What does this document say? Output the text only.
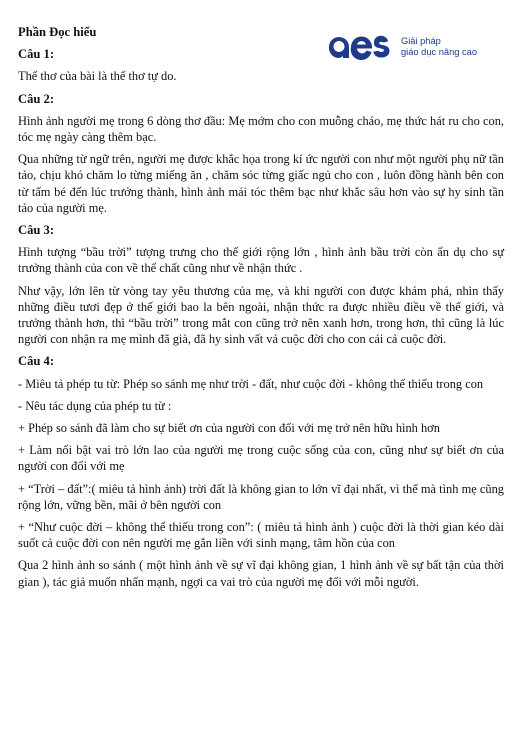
Giải pháp
giáo dục nâng cao
Phần Đọc hiểu
Câu 1:

Thể thơ của bài là thể thơ tự do.

Câu 2:

Hình ảnh người mẹ trong 6 dòng thơ đầu: Mẹ mớm cho con muỗng cháo, mẹ thức hát ru cho con, tóc mẹ ngày càng thêm bạc.

Qua những từ ngữ trên, người mẹ được khắc họa trong kí ức người con như một người phụ nữ tần tảo, chịu khó chăm lo từng miếng ăn , chăm sóc từng giấc ngủ cho con , luôn đồng hành bên con từ tấm bé đến lúc trưởng thành, hình ảnh mái tóc thêm bạc như khắc sâu hơn vào sự hy sinh tần tảo của người mẹ.

Câu 3:

Hình tượng “bầu trời” tượng trưng cho thế giới rộng lớn , hình ảnh bầu trời còn ẩn dụ cho sự trưởng thành của con về thể chất cũng như về nhận thức .

Như vậy, lớn lên từ vòng tay yêu thương của mẹ, và khi người con được khám phá, nhìn thấy những điều tươi đẹp ở thế giới bao la bên ngoài, nhận thức ra được nhiều điều về thế giới, và trưởng thành hơn, thì “bầu trời” trong mắt con cũng trở nên xanh hơn, trong hơn, thì cũng là lúc người con nhận ra mẹ mình đã già, đã hy sinh vất vả cuộc đời cho con cái cả cuộc đời.

Câu 4:

- Miêu tả phép tu từ: Phép so sánh mẹ như trời - đất, như cuộc đời - không thể thiếu trong con

- Nêu tác dụng của phép tu từ :

+ Phép so sánh đã làm cho sự biết ơn của người con đối với mẹ trở nên hữu hình hơn

+ Làm nổi bật vai trò lớn lao của người mẹ trong cuộc sống của con, cũng như sự biết ơn của người con đối với mẹ

+ “Trời – đất”:( miêu tả hình ảnh) trời đất là không gian to lớn vĩ đại nhất, vì thế mà tình mẹ cũng rộng lớn, vững bền, mãi ở bên người con

+ “Như cuộc đời – không thể thiếu trong con”: ( miêu tả hình ảnh ) cuộc đời là thời gian kéo dài suốt cả cuộc đời con nên người mẹ gắn liền với sinh mạng, tâm hồn của con

Qua 2 hình ảnh so sánh ( một hình ảnh về sự vĩ đại không gian, 1 hình ảnh về sự bất tận của thời gian ), tác giả muốn nhấn mạnh, ngợi ca vai trò của người mẹ đối với mỗi người.
